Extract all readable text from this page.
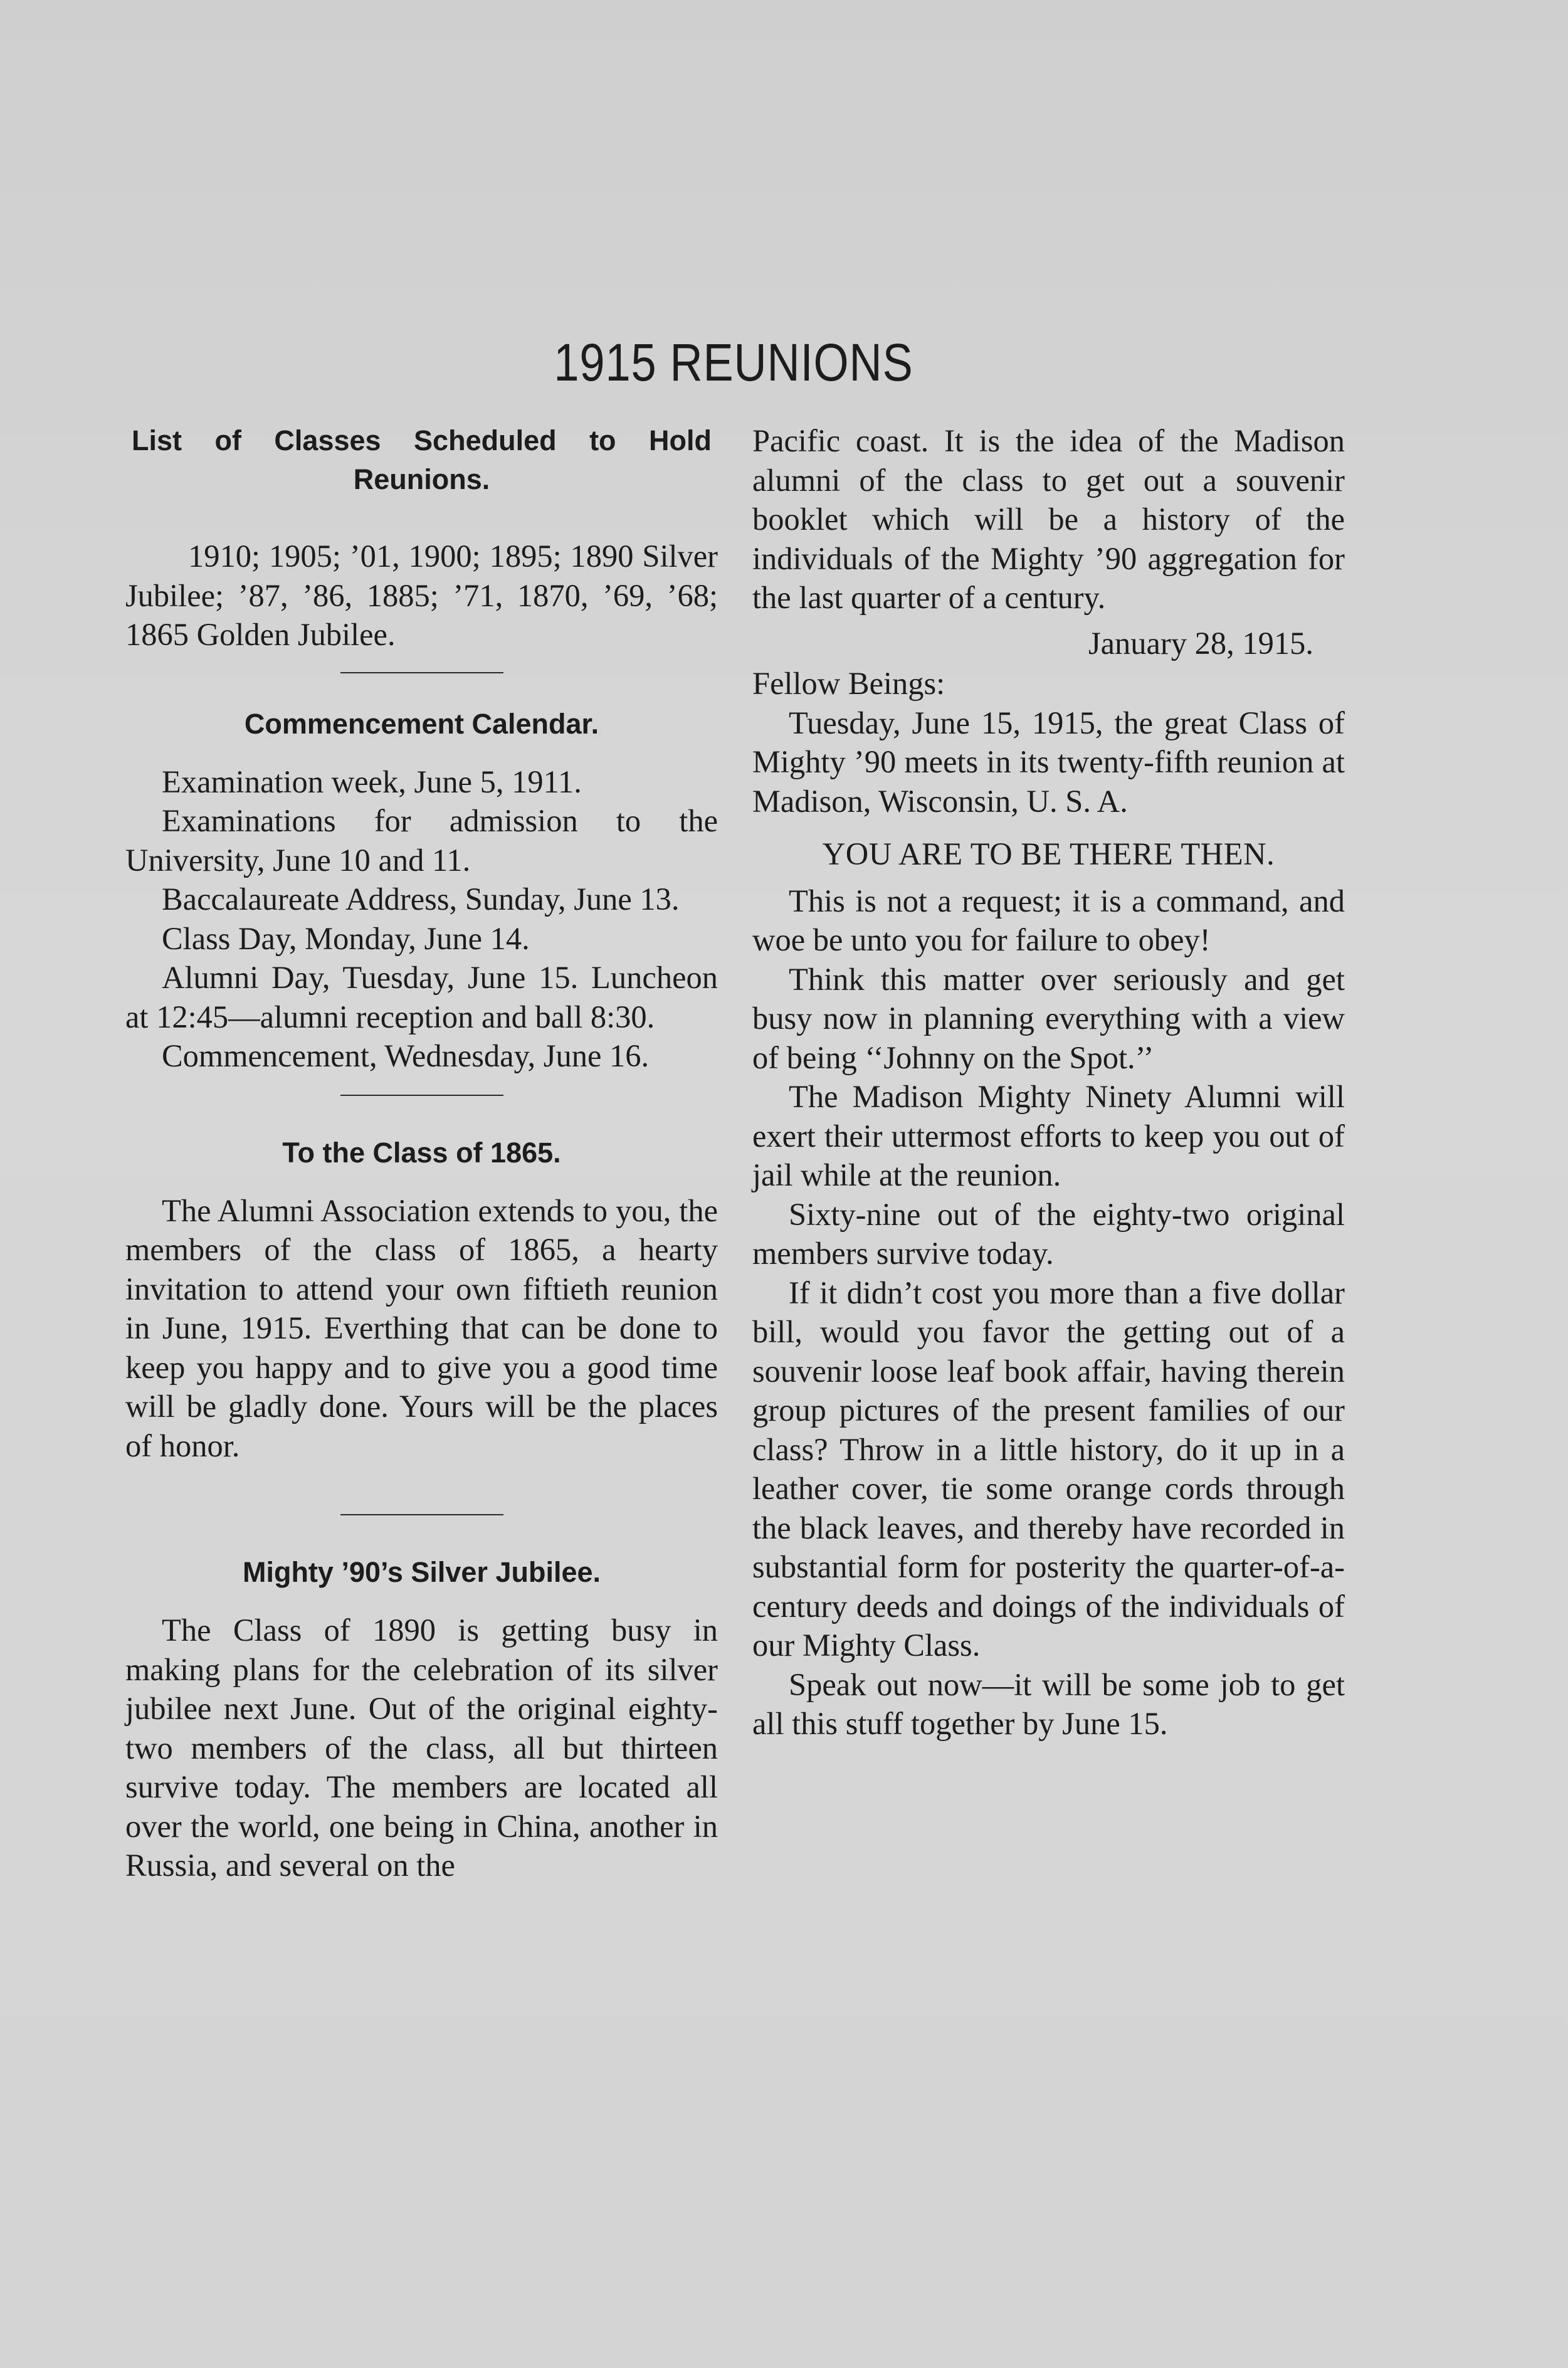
1915 REUNIONS

List of Classes Scheduled to Hold Reunions.

1910; 1905; ’01, 1900; 1895; 1890 Silver Jubilee; ’87, ’86, 1885; ’71, 1870, ’69, ’68; 1865 Golden Jubilee.

Commencement Calendar.

Examination week, June 5, 1911.

Examinations for admission to the University, June 10 and 11.

Baccalaureate Address, Sunday, June 13.

Class Day, Monday, June 14.

Alumni Day, Tuesday, June 15. Luncheon at 12:45—alumni reception and ball 8:30.

Commencement, Wednesday, June 16.

To the Class of 1865.

The Alumni Association extends to you, the members of the class of 1865, a hearty invitation to attend your own fiftieth reunion in June, 1915. Everthing that can be done to keep you happy and to give you a good time will be gladly done. Yours will be the places of honor.

Mighty ’90’s Silver Jubilee.

The Class of 1890 is getting busy in making plans for the celebration of its silver jubilee next June. Out of the original eighty-two members of the class, all but thirteen survive today. The members are located all over the world, one being in China, another in Russia, and several on the

Pacific coast. It is the idea of the Madison alumni of the class to get out a souvenir booklet which will be a history of the individuals of the Mighty ’90 aggregation for the last quarter of a century.

January 28, 1915.

Fellow Beings:

Tuesday, June 15, 1915, the great Class of Mighty ’90 meets in its twenty-fifth reunion at Madison, Wisconsin, U. S. A.

YOU ARE TO BE THERE THEN.

This is not a request; it is a command, and woe be unto you for failure to obey!

Think this matter over seriously and get busy now in planning everything with a view of being ‘‘Johnny on the Spot.’’

The Madison Mighty Ninety Alumni will exert their uttermost efforts to keep you out of jail while at the reunion.

Sixty-nine out of the eighty-two original members survive today.

If it didn’t cost you more than a five dollar bill, would you favor the getting out of a souvenir loose leaf book affair, having therein group pictures of the present families of our class? Throw in a little history, do it up in a leather cover, tie some orange cords through the black leaves, and thereby have recorded in substantial form for posterity the quarter-of-a-century deeds and doings of the individuals of our Mighty Class.

Speak out now—it will be some job to get all this stuff together by June 15.
